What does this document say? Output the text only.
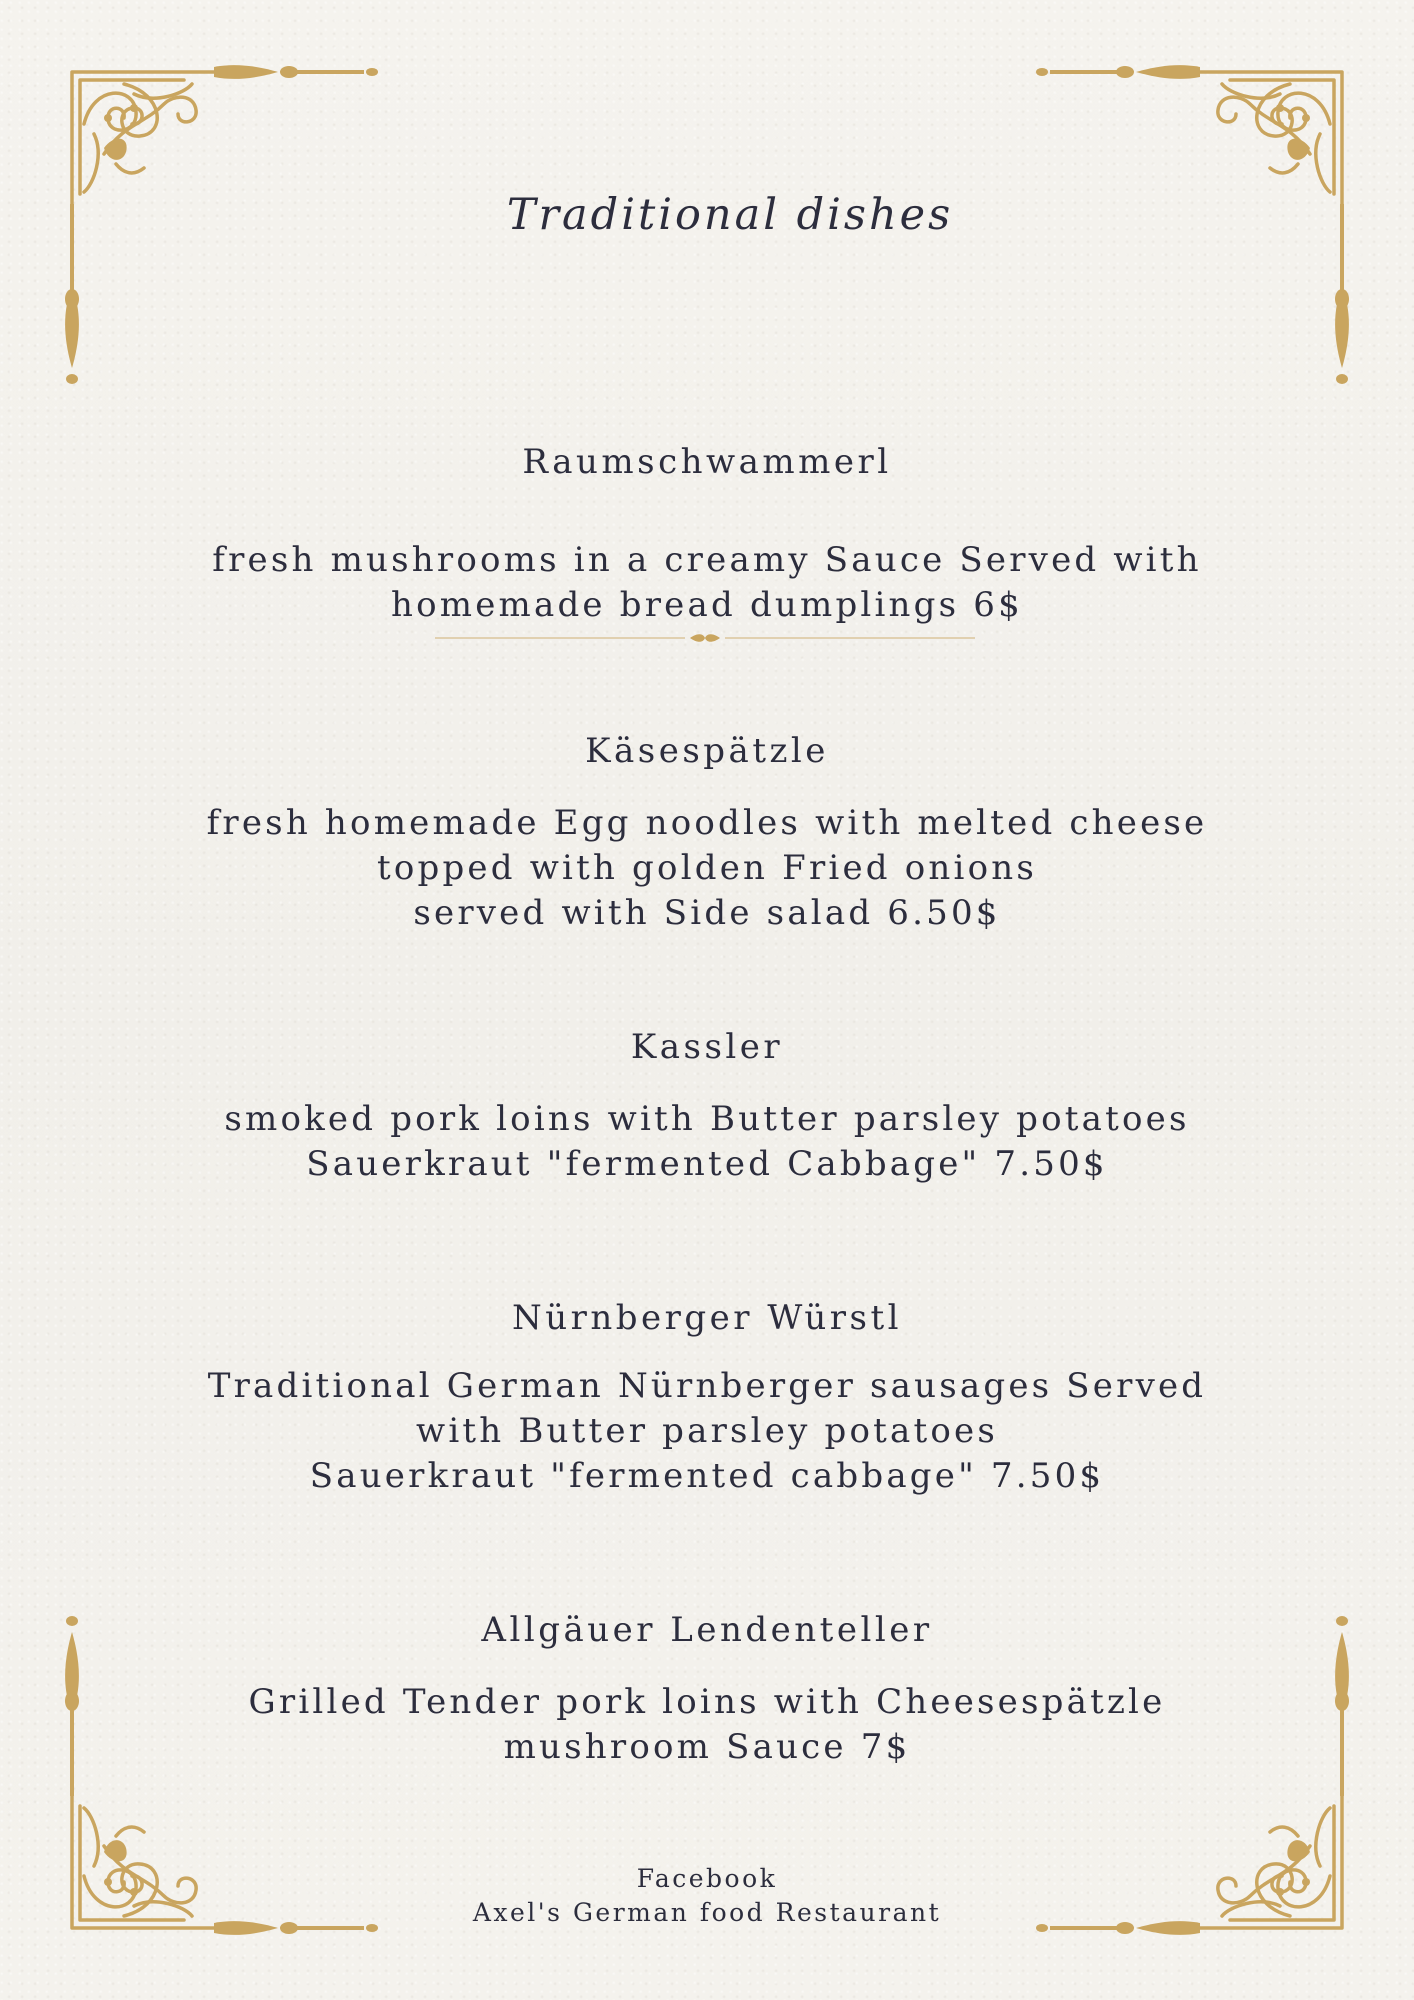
Traditional dishes
Raumschwammerl
fresh mushrooms in a creamy Sauce Served with
homemade bread dumplings 6$
Käsespätzle
fresh homemade Egg noodles with melted cheese
topped with golden Fried onions
served with Side salad 6.50$
Kassler
smoked pork loins with Butter parsley potatoes
Sauerkraut "fermented Cabbage" 7.50$
Nürnberger Würstl
Traditional German Nürnberger sausages Served
with Butter parsley potatoes
Sauerkraut "fermented cabbage" 7.50$
Allgäuer Lendenteller
Grilled Tender pork loins with Cheesespätzle
mushroom Sauce 7$
Facebook
Axel's German food Restaurant
